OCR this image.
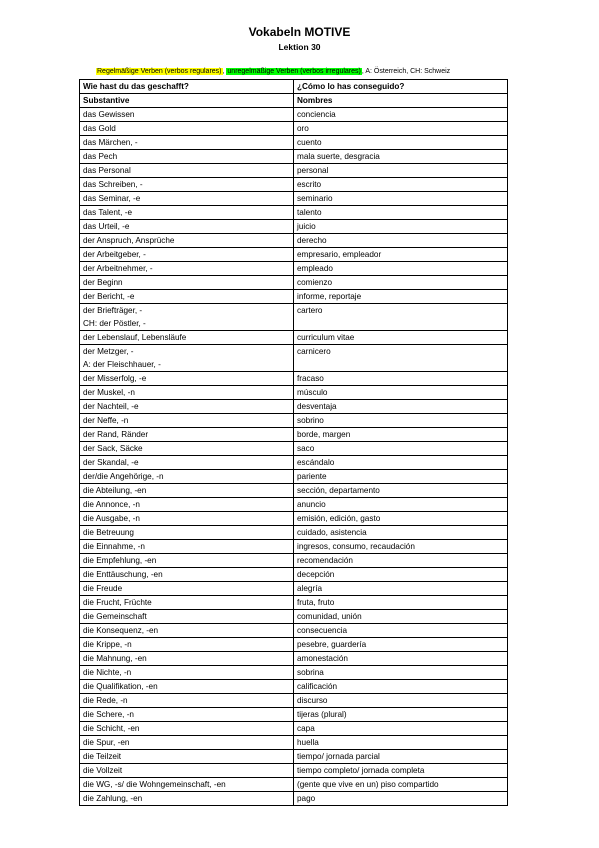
Vokabeln MOTIVE
Lektion 30
Regelmäßige Verben (verbos regulares), unregelmäßige Verben (verbos irregulares), A: Österreich, CH: Schweiz
Wie hast du das geschafft?	¿Cómo lo has conseguido?
Substantive	Nombres
das Gewissen	conciencia
das Gold	oro
das Märchen, -	cuento
das Pech	mala suerte, desgracia
das Personal	personal
das Schreiben, -	escrito
das Seminar, -e	seminario
das Talent, -e	talento
das Urteil, -e	juicio
der Anspruch, Ansprüche	derecho
der Arbeitgeber, -	empresario, empleador
der Arbeitnehmer, -	empleado
der Beginn	comienzo
der Bericht, -e	informe, reportaje

der Briefträger, -
CH: der Pöstler, -	cartero
der Lebenslauf, Lebensläufe	curriculum vitae

der Metzger, -
A: der Fleischhauer, -	carnicero
der Misserfolg, -e	fracaso
der Muskel, -n	músculo
der Nachteil, -e	desventaja
der Neffe, -n	sobrino
der Rand, Ränder	borde, margen
der Sack, Säcke	saco
der Skandal, -e	escándalo
der/die Angehörige, -n	pariente
die Abteilung, -en	sección, departamento
die Annonce, -n	anuncio
die Ausgabe, -n	emisión, edición, gasto
die Betreuung	cuidado, asistencia
die Einnahme, -n	ingresos, consumo, recaudación
die Empfehlung, -en	recomendación
die Enttäuschung, -en	decepción
die Freude	alegría
die Frucht, Früchte	fruta, fruto
die Gemeinschaft	comunidad, unión
die Konsequenz, -en	consecuencia
die Krippe, -n	pesebre, guardería
die Mahnung, -en	amonestación
die Nichte, -n	sobrina
die Qualifikation, -en	calificación
die Rede, -n	discurso
die Schere, -n	tijeras (plural)
die Schicht, -en	capa
die Spur, -en	huella
die Teilzeit	tiempo/ jornada parcial
die Vollzeit	tiempo completo/ jornada completa
die WG, -s/ die Wohngemeinschaft, -en	(gente que vive en un) piso compartido
die Zahlung, -en	pago
